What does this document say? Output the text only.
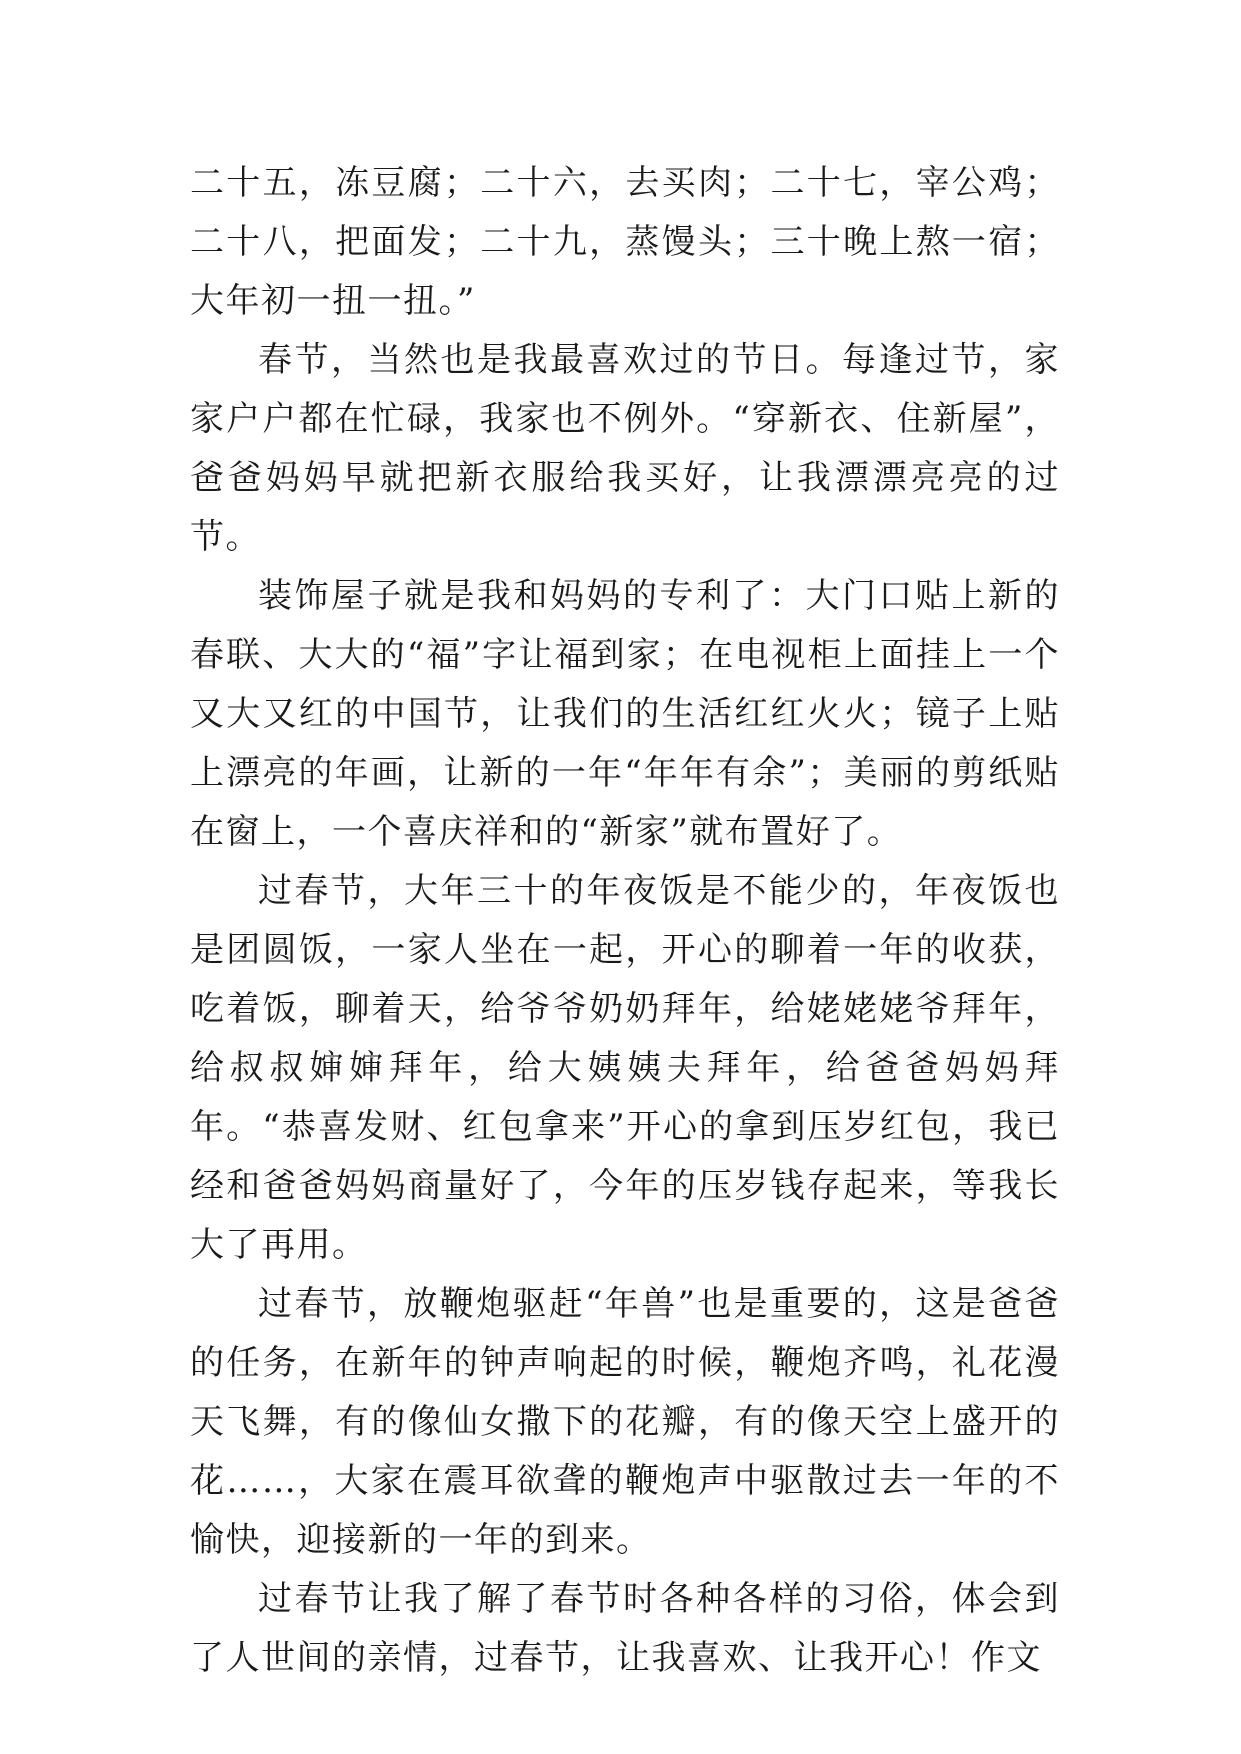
二十五，冻豆腐；二十六，去买肉；二十七，宰公鸡；二十八，把面发；二十九，蒸馒头；三十晚上熬一宿；大年初一扭一扭。”

春节，当然也是我最喜欢过的节日。每逢过节，家家户户都在忙碌，我家也不例外。“穿新衣、住新屋”，爸爸妈妈早就把新衣服给我买好，让我漂漂亮亮的过节。

装饰屋子就是我和妈妈的专利了：大门口贴上新的春联、大大的“福”字让福到家；在电视柜上面挂上一个又大又红的中国节，让我们的生活红红火火；镜子上贴上漂亮的年画，让新的一年“年年有余”；美丽的剪纸贴在窗上，一个喜庆祥和的“新家”就布置好了。

过春节，大年三十的年夜饭是不能少的，年夜饭也是团圆饭，一家人坐在一起，开心的聊着一年的收获，吃着饭，聊着天，给爷爷奶奶拜年，给姥姥姥爷拜年，给叔叔婶婶拜年，给大姨姨夫拜年，给爸爸妈妈拜年。“恭喜发财、红包拿来”开心的拿到压岁红包，我已经和爸爸妈妈商量好了，今年的压岁钱存起来，等我长大了再用。

过春节，放鞭炮驱赶“年兽”也是重要的，这是爸爸的任务，在新年的钟声响起的时候，鞭炮齐鸣，礼花漫天飞舞，有的像仙女撒下的花瓣，有的像天空上盛开的花……，大家在震耳欲聋的鞭炮声中驱散过去一年的不愉快，迎接新的一年的到来。

过春节让我了解了春节时各种各样的习俗，体会到了人世间的亲情，过春节，让我喜欢、让我开心！作文
